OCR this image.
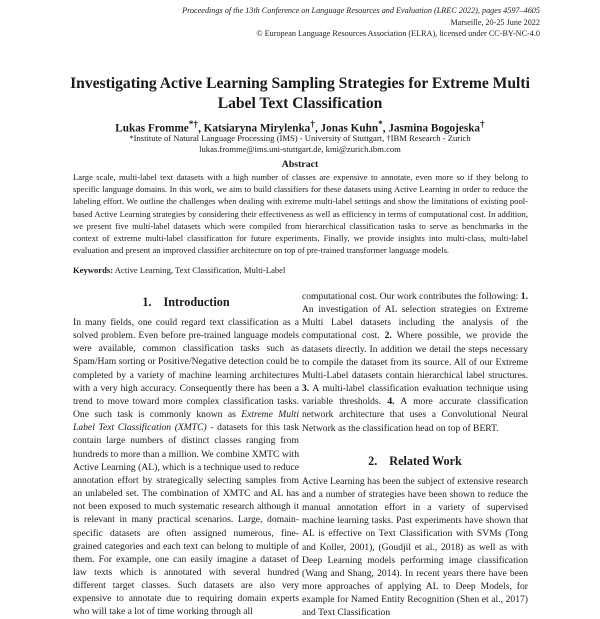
Proceedings of the 13th Conference on Language Resources and Evaluation (LREC 2022), pages 4597–4605
Marseille, 20-25 June 2022
© European Language Resources Association (ELRA), licensed under CC-BY-NC-4.0
Investigating Active Learning Sampling Strategies for Extreme Multi Label Text Classification
Lukas Fromme*†, Katsiaryna Mirylenka†, Jonas Kuhn*, Jasmina Bogojeska†
*Institute of Natural Language Processing (IMS) - University of Stuttgart, †IBM Research - Zurich
lukas.fromme@ims.uni-stuttgart.de, kmi@zurich.ibm.com
Abstract
Large scale, multi-label text datasets with a high number of classes are expensive to annotate, even more so if they belong to specific language domains. In this work, we aim to build classifiers for these datasets using Active Learning in order to reduce the labeling effort. We outline the challenges when dealing with extreme multi-label settings and show the limitations of existing pool-based Active Learning strategies by considering their effectiveness as well as efficiency in terms of computational cost. In addition, we present five multi-label datasets which were compiled from hierarchical classification tasks to serve as benchmarks in the context of extreme multi-label classification for future experiments. Finally, we provide insights into multi-class, multi-label evaluation and present an improved classifier architecture on top of pre-trained transformer language models.
Keywords: Active Learning, Text Classification, Multi-Label
1. Introduction

In many fields, one could regard text classification as a solved problem. Even before pre-trained language models were available, common classification tasks such as Spam/Ham sorting or Positive/Negative detection could be completed by a variety of machine learning architectures with a very high accuracy. Consequently there has been a trend to move toward more complex classification tasks. One such task is commonly known as Extreme Multi Label Text Classification (XMTC) - datasets for this task contain large numbers of distinct classes ranging from hundreds to more than a million. We combine XMTC with Active Learning (AL), which is a technique used to reduce annotation effort by strategically selecting samples from an unlabeled set. The combination of XMTC and AL has not been exposed to much systematic research although it is relevant in many practical scenarios. Large, domain-specific datasets are often assigned numerous, fine-grained categories and each text can belong to multiple of them. For example, one can easily imagine a dataset of law texts which is annotated with several hundred different target classes. Such datasets are also very expensive to annotate due to requiring domain experts who will take a lot of time working through all

computational cost. Our work contributes the following: 1. An investigation of AL selection strategies on Extreme Multi Label datasets including the analysis of the computational cost. 2. Where possible, we provide the datasets directly. In addition we detail the steps necessary to compile the dataset from its source. All of our Extreme Multi-Label datasets contain hierarchical label structures. 3. A multi-label classification evaluation technique using variable thresholds. 4. A more accurate classification network architecture that uses a Convolutional Neural Network as the classification head on top of BERT.

2. Related Work

Active Learning has been the subject of extensive research and a number of strategies have been shown to reduce the manual annotation effort in a variety of supervised machine learning tasks. Past experiments have shown that AL is effective on Text Classification with SVMs (Tong and Koller, 2001), (Goudjil et al., 2018) as well as with Deep Learning models performing image classification (Wang and Shang, 2014). In recent years there have been more approaches of applying AL to Deep Models, for example for Named Entity Recognition (Shen et al., 2017) and Text Classification
